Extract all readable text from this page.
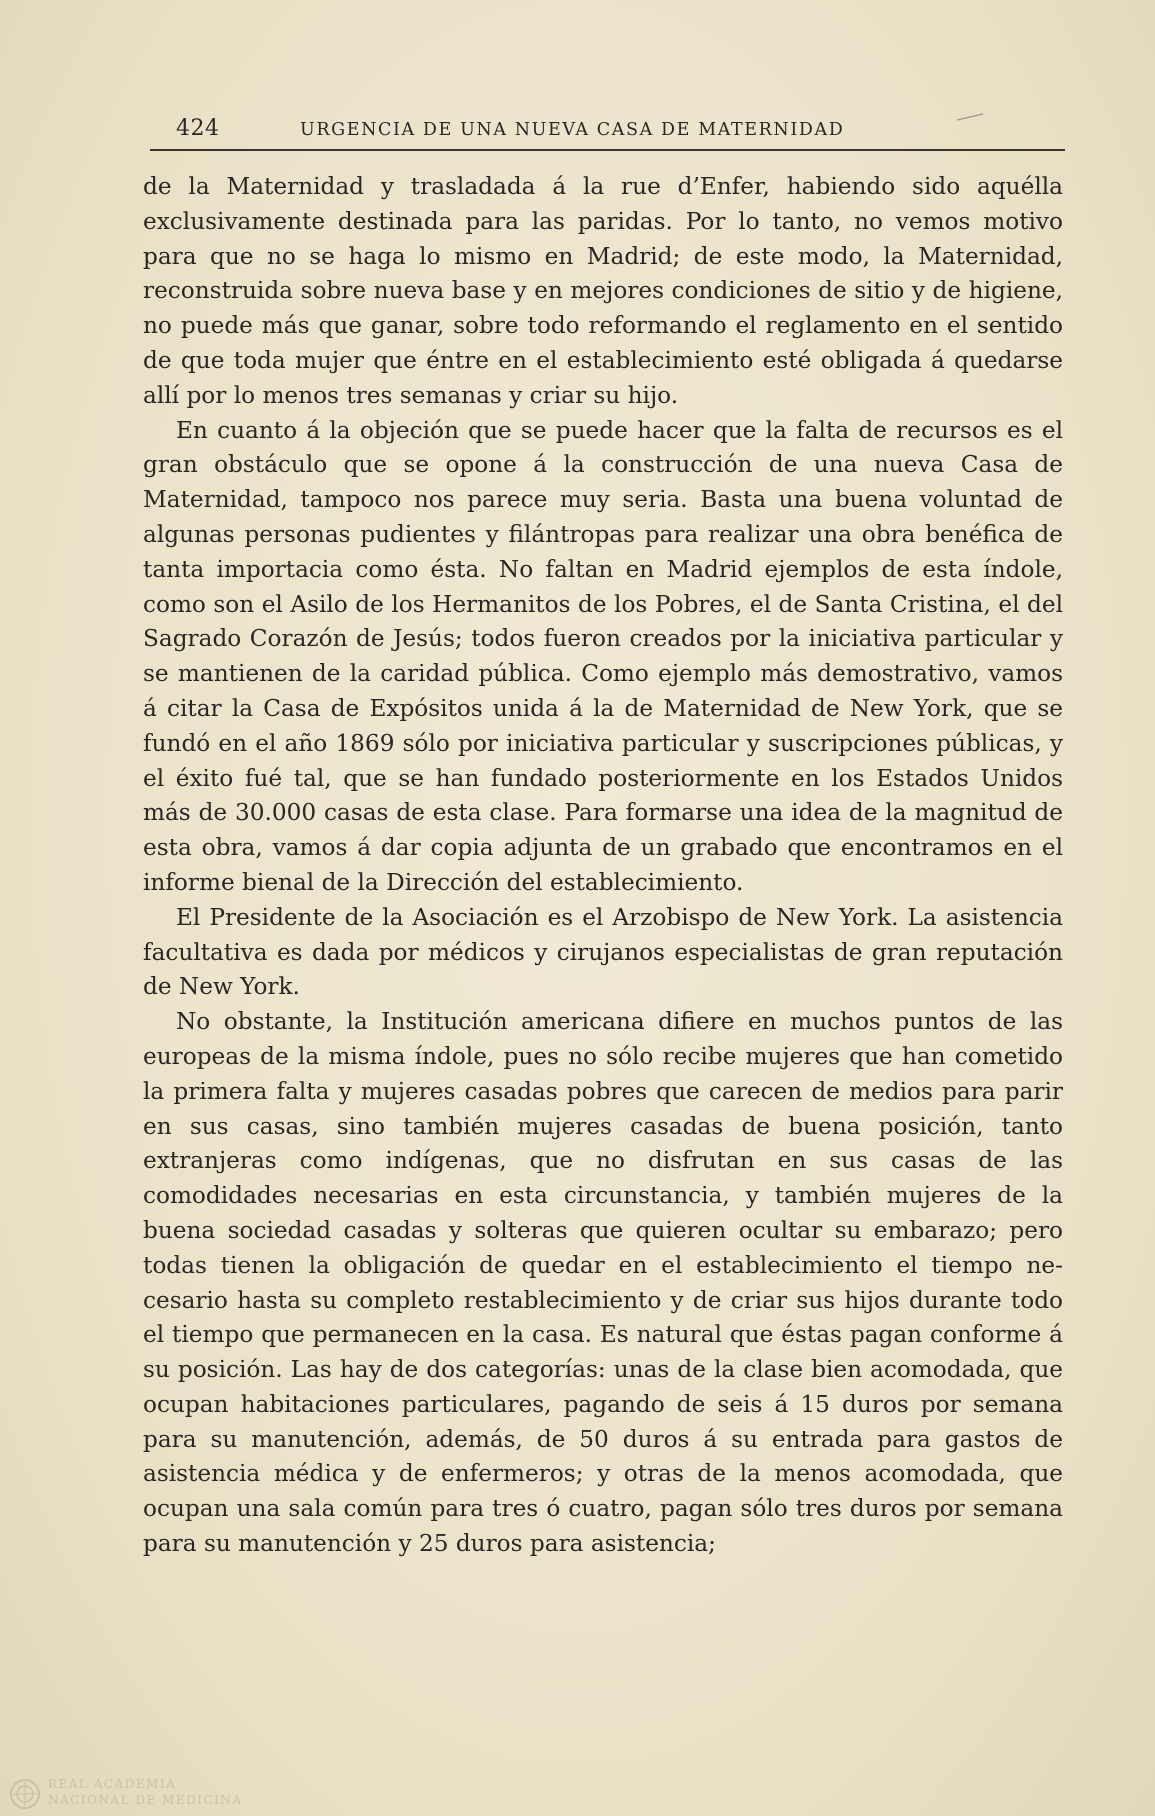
424	URGENCIA DE UNA NUEVA CASA DE MATERNIDAD

de la Maternidad y trasladada á la rue d’Enfer, habiendo sido aquélla exclusivamente destinada para las paridas. Por lo tanto, no vemos motivo para que no se haga lo mismo en Madrid; de este modo, la Maternidad, reconstruida sobre nueva base y en mejores condiciones de sitio y de higiene, no puede más que ganar, sobre todo reformando el reglamento en el sentido de que toda mujer que éntre en el establecimiento esté obligada á quedarse allí por lo menos tres semanas y criar su hijo.

En cuanto á la objeción que se puede hacer que la falta de recursos es el gran obstáculo que se opone á la construcción de una nueva Casa de Maternidad, tampoco nos parece muy seria. Basta una buena voluntad de algunas personas pudientes y filántropas para realizar una obra benéfica de tanta importacia como ésta. No faltan en Madrid ejemplos de esta índole, como son el Asilo de los Hermanitos de los Pobres, el de Santa Cristina, el del Sagrado Corazón de Jesús; todos fueron creados por la iniciativa particular y se mantienen de la caridad pública. Como ejemplo más demostrativo, vamos á citar la Casa de Expósitos unida á la de Maternidad de New York, que se fundó en el año 1869 sólo por iniciativa particular y suscripciones públicas, y el éxito fué tal, que se han fundado posteriormente en los Estados Unidos más de 30.000 casas de esta clase. Para formarse una idea de la magnitud de esta obra, vamos á dar copia adjunta de un grabado que encontramos en el informe bienal de la Dirección del establecimiento.

El Presidente de la Asociación es el Arzobispo de New York. La asistencia facultativa es dada por médicos y cirujanos especialistas de gran reputación de New York.

No obstante, la Institución americana difiere en muchos puntos de las europeas de la misma índole, pues no sólo recibe mujeres que han cometido la primera falta y mujeres casadas pobres que carecen de medios para parir en sus casas, sino también mujeres casadas de buena posición, tanto extranjeras como indígenas, que no disfrutan en sus casas de las comodidades necesarias en esta circunstancia, y también mujeres de la buena sociedad casadas y solteras que quieren ocultar su embarazo; pero todas tienen la obligación de quedar en el establecimiento el tiempo necesario hasta su completo restablecimiento y de criar sus hijos durante todo el tiempo que permanecen en la casa. Es natural que éstas pagan conforme á su posición. Las hay de dos categorías: unas de la clase bien acomodada, que ocupan habitaciones particulares, pagando de seis á 15 duros por semana para su manutención, además, de 50 duros á su entrada para gastos de asistencia médica y de enfermeros; y otras de la menos acomodada, que ocupan una sala común para tres ó cuatro, pagan sólo tres duros por semana para su manutención y 25 duros para asistencia;

REAL ACADEMIA
NACIONAL DE MEDICINA
